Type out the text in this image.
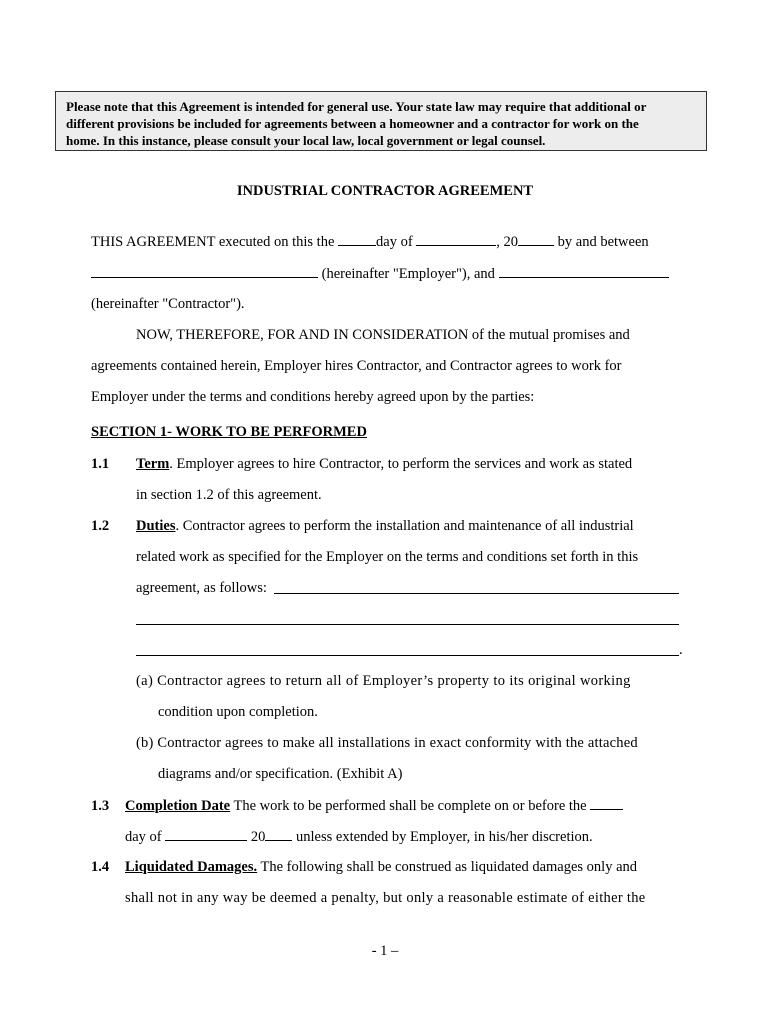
Please note that this Agreement is intended for general use. Your state law may require that additional or
different provisions be included for agreements between a homeowner and a contractor for work on the
home. In this instance, please consult your local law, local government or legal counsel.
INDUSTRIAL CONTRACTOR AGREEMENT
THIS AGREEMENT executed on this the	day of	, 20 by and between
(hereinafter "Employer"), and
(hereinafter "Contractor").
NOW, THEREFORE, FOR AND IN CONSIDERATION of the mutual promises and
agreements contained herein, Employer hires Contractor, and Contractor agrees to work for
Employer under the terms and conditions hereby agreed upon by the parties:
SECTION 1- WORK TO BE PERFORMED
1.1 Term. Employer agrees to hire Contractor, to perform the services and work as stated
in section 1.2 of this agreement.
1.2 Duties. Contractor agrees to perform the installation and maintenance of all industrial
related work as specified for the Employer on the terms and conditions set forth in this
agreement, as follows:
.
(a) Contractor agrees to return all of Employer’s property to its original working
condition upon completion.
(b) Contractor agrees to make all installations in exact conformity with the attached
diagrams and/or specification. (Exhibit A)
1.3 Completion Date The work to be performed shall be complete on or before the
day of	20 unless extended by Employer, in his/her discretion.
1.4 Liquidated Damages. The following shall be construed as liquidated damages only and
shall not in any way be deemed a penalty, but only a reasonable estimate of either the
- 1 –
